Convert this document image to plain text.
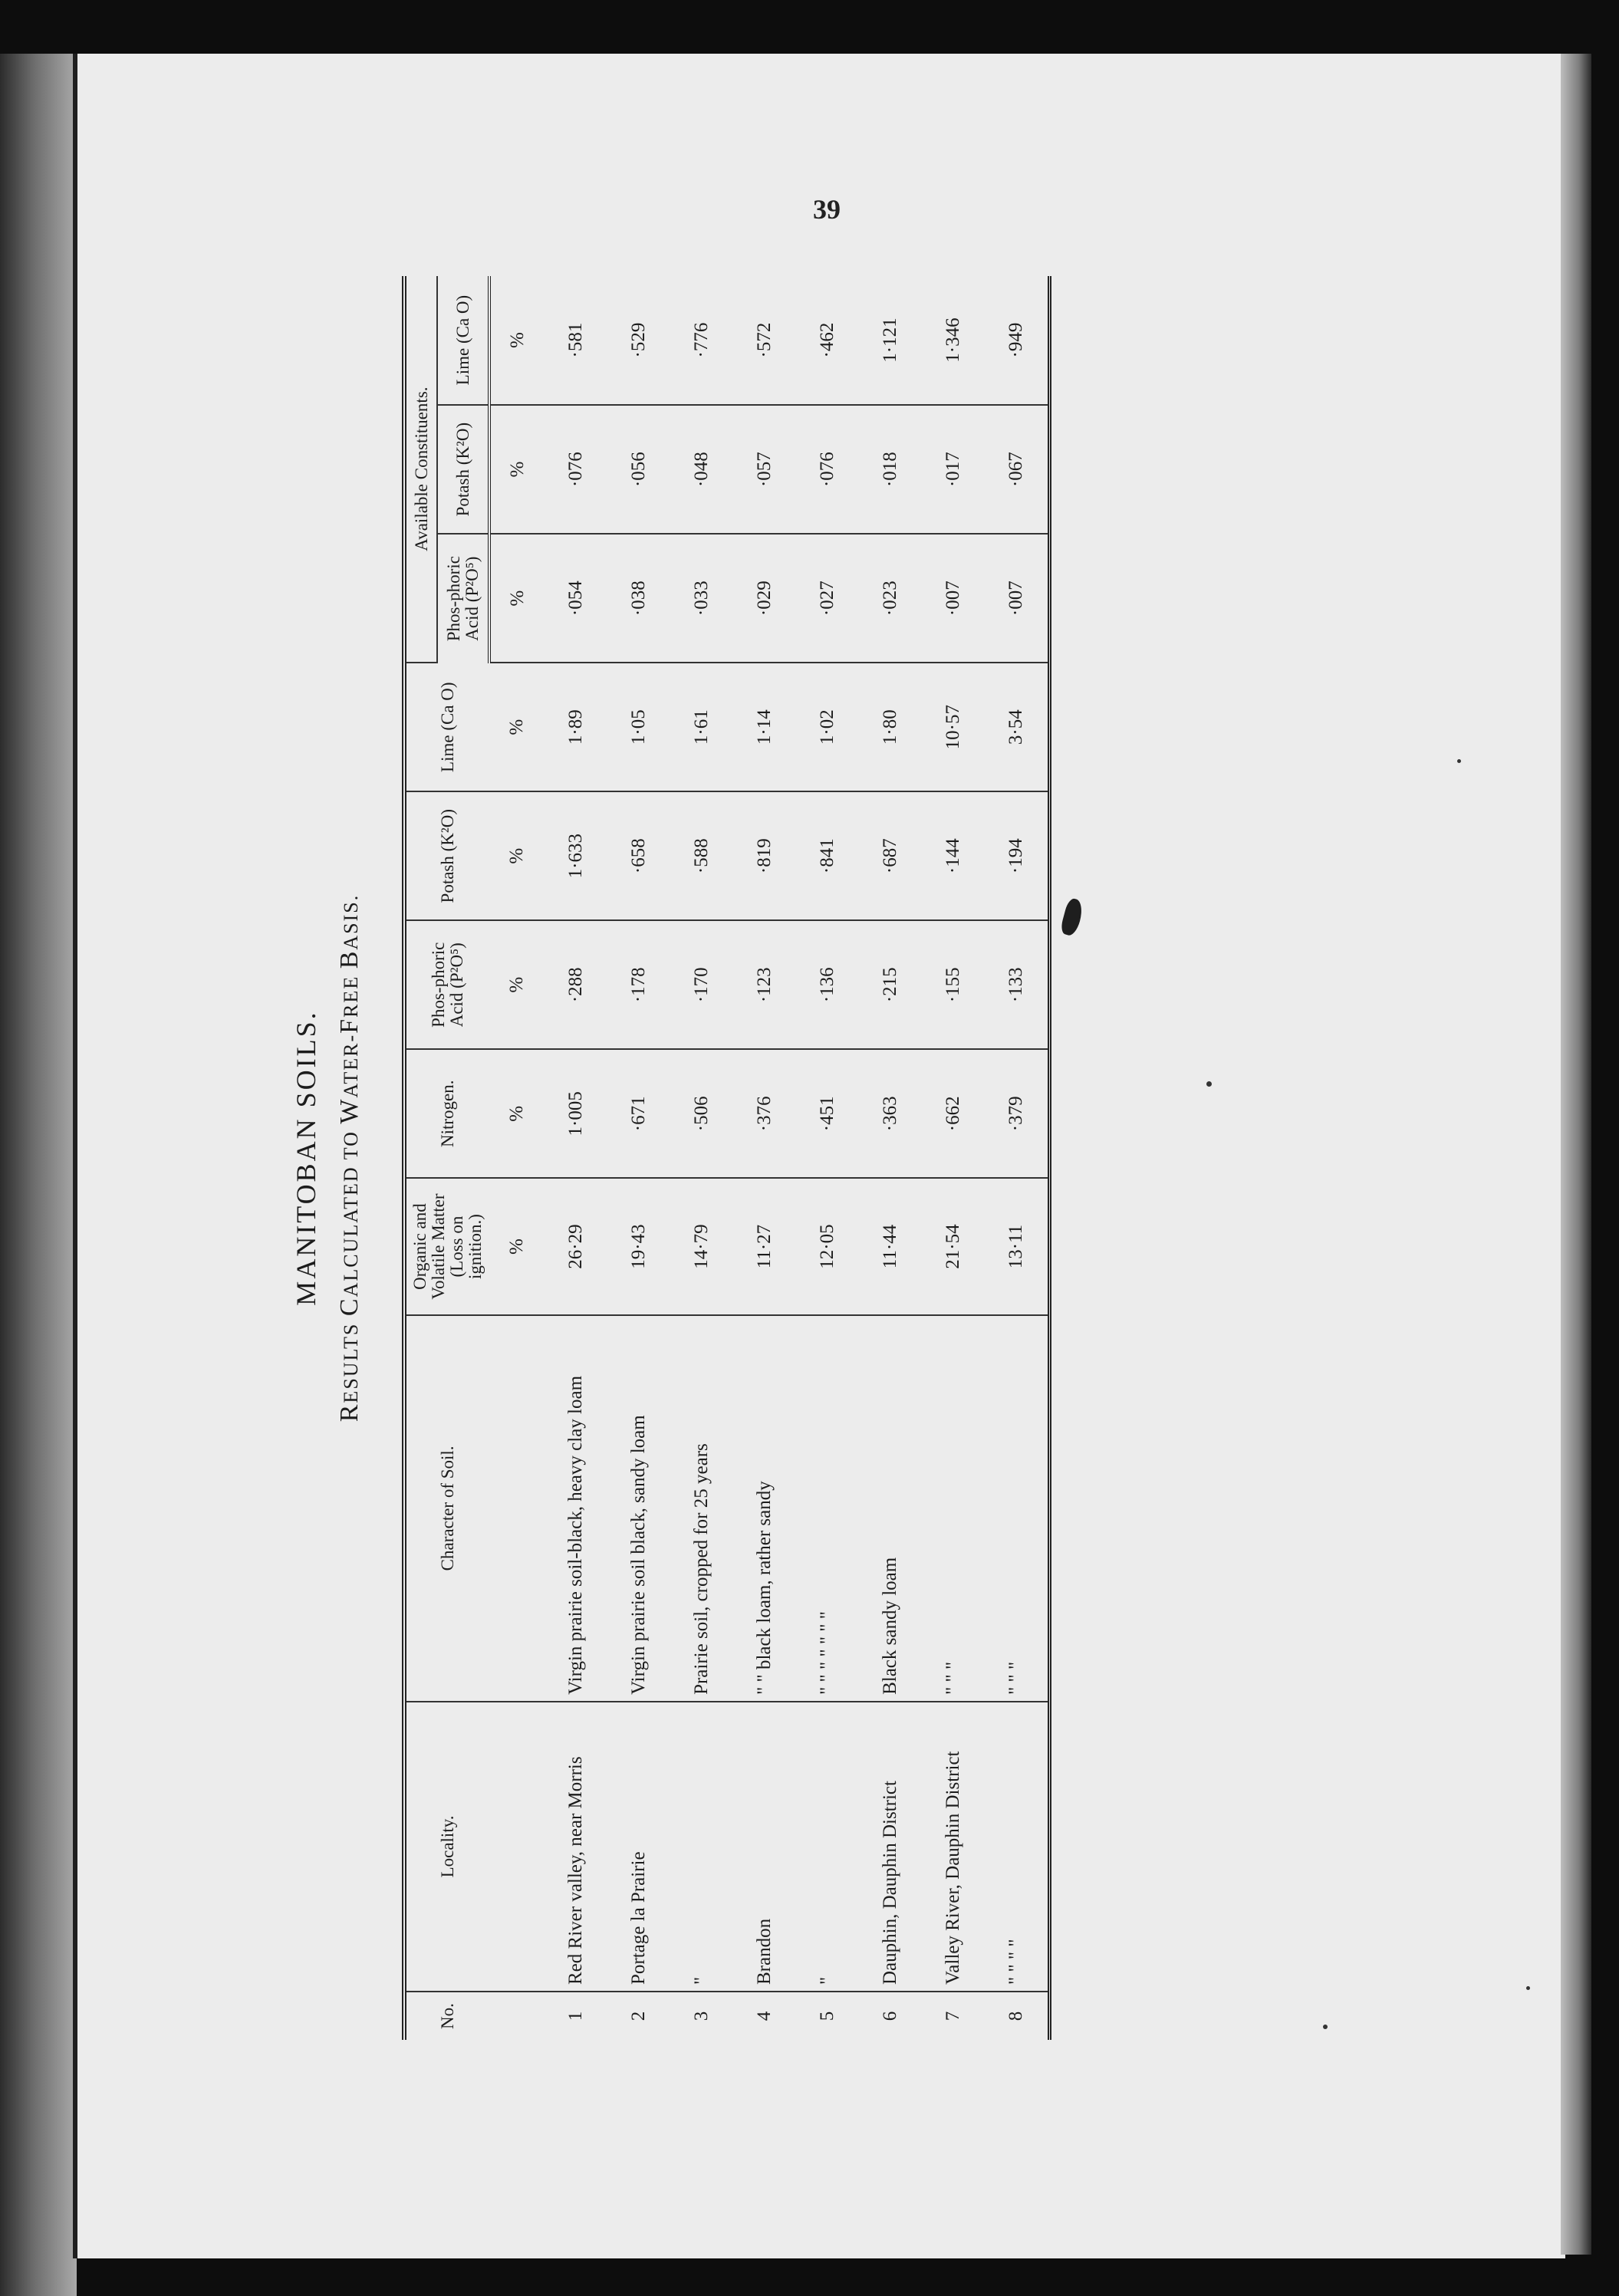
39
MANITOBAN SOILS.
RESULTS CALCULATED TO WATER-FREE BASIS.
No.	Locality.	Character of Soil.	Organic and Volatile Matter (Loss on ignition.)	Nitrogen.	Phos-phoric Acid (P²O⁵)	Potash (K²O)	Lime (Ca O)	Available Constituents.		
								Phos-phoric Acid (P²O⁵)	Potash (K²O)	Lime (Ca O)
			%	%	%	%	%	%	%	%
1	Red River valley, near Morris	Virgin prairie soil-black, heavy clay loam	26·29	1·005	·288	1·633	1·89	·054	·076	·581
2	Portage la Prairie	Virgin prairie soil black, sandy loam	19·43	·671	·178	·658	1·05	·038	·056	·529
3	"	Prairie soil, cropped for 25 years	14·79	·506	·170	·588	1·61	·033	·048	·776
4	Brandon	" " black loam, rather sandy	11·27	·376	·123	·819	1·14	·029	·057	·572
5	"	" " " " " " "	12·05	·451	·136	·841	1·02	·027	·076	·462
6	Dauphin, Dauphin District	Black sandy loam	11·44	·363	·215	·687	1·80	·023	·018	1·121
7	Valley River, Dauphin District	" " "	21·54	·662	·155	·144	10·57	·007	·017	1·346
8	" " " "	" " "	13·11	·379	·133	·194	3·54	·007	·067	·949
